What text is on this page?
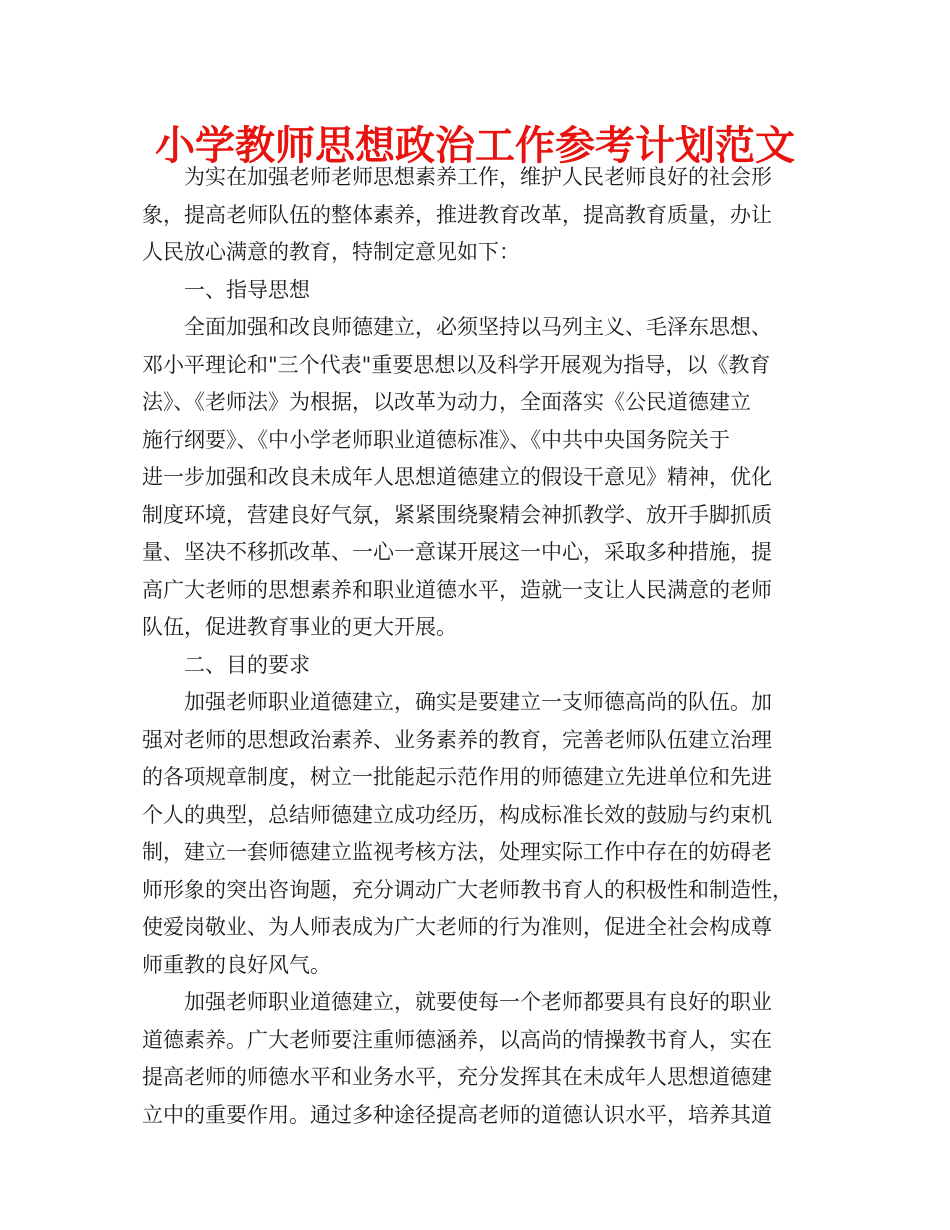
小学教师思想政治工作参考计划范文
为实在加强老师老师思想素养工作，维护人民老师良好的社会形
象，提高老师队伍的整体素养，推进教育改革，提高教育质量，办让
人民放心满意的教育，特制定意见如下：
一、指导思想
全面加强和改良师德建立，必须坚持以马列主义、毛泽东思想、
邓小平理论和"三个代表"重要思想以及科学开展观为指导，以《教育
法》、《老师法》为根据，以改革为动力，全面落实《公民道德建立
施行纲要》、《中小学老师职业道德标准》、《中共中央国务院关于
进一步加强和改良未成年人思想道德建立的假设干意见》精神，优化
制度环境，营建良好气氛，紧紧围绕聚精会神抓教学、放开手脚抓质
量、坚决不移抓改革、一心一意谋开展这一中心，采取多种措施，提
高广大老师的思想素养和职业道德水平，造就一支让人民满意的老师
队伍，促进教育事业的更大开展。
二、目的要求
加强老师职业道德建立，确实是要建立一支师德高尚的队伍。加
强对老师的思想政治素养、业务素养的教育，完善老师队伍建立治理
的各项规章制度，树立一批能起示范作用的师德建立先进单位和先进
个人的典型，总结师德建立成功经历，构成标准长效的鼓励与约束机
制，建立一套师德建立监视考核方法，处理实际工作中存在的妨碍老
师形象的突出咨询题，充分调动广大老师教书育人的积极性和制造性，
使爱岗敬业、为人师表成为广大老师的行为准则，促进全社会构成尊
师重教的良好风气。
加强老师职业道德建立，就要使每一个老师都要具有良好的职业
道德素养。广大老师要注重师德涵养，以高尚的情操教书育人，实在
提高老师的师德水平和业务水平，充分发挥其在未成年人思想道德建
立中的重要作用。通过多种途径提高老师的道德认识水平，培养其道
